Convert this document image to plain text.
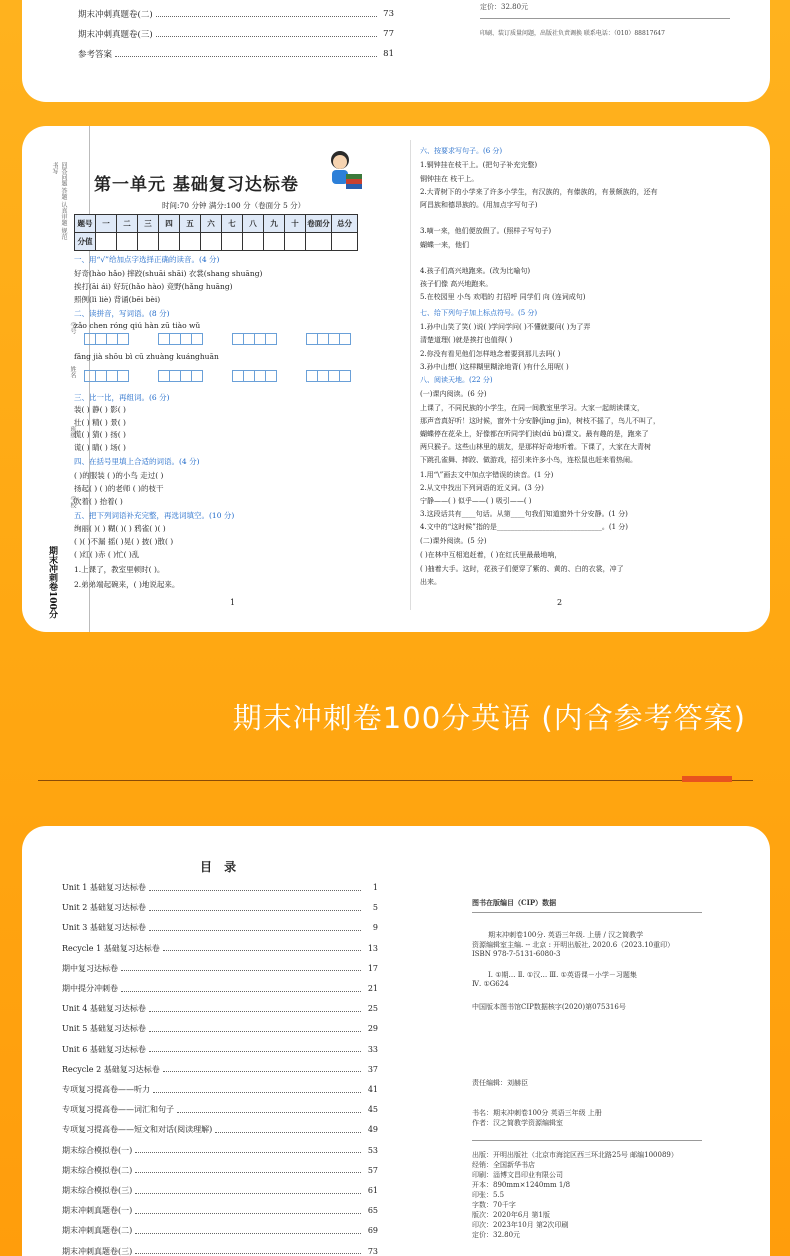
期末冲刺真题卷(二)	73
期末冲刺真题卷(三)	77
参考答案	81
定价：32.80元
印刷、装订质量问题，出版社负责调换 联系电话：（010）88817647
回答问题 答题 认真审题 规范书写
学号
姓名
班级
学校
期末冲刺卷100分
第一单元 基础复习达标卷
时间:70 分钟 满分:100 分（卷面分 5 分）
题号	一	二	三	四	五	六	七	八	九	十	卷面分	总分
分值												
一、用“√”给加点字选择正确的读音。(4 分)
好奇(hào hǎo) 摔跤(shuāi shāi) 衣裳(shang shuāng)
挨打(āi ái) 好玩(hǎo hào) 竞野(hǎng huāng)
照例(lì liè) 背诵(bēi bèi)
二、读拼音，写词语。(8 分)
zǎo chen róng qiú hàn zū tiào wǔ
fāng jià shōu bì cū zhuàng kuánghuān
三、比一比，再组词。(6 分)
装( ) 静( ) 影( )
壮( ) 精( ) 景( )
慌( ) 猜( ) 扬( )
谎( ) 睛( ) 场( )
四、在括号里填上合适的词语。(4 分)
( )的服装 ( )的小鸟 走过( )
扬起( ) ( )的老师 ( )的枝干
吹着( ) 抬着( )
五、把下列词语补充完整，再选词填空。(10 分)
绚丽( )( ) 糊( )( ) 鸦雀( )( )
( )( )不漏 摇( )晃( ) 披( )散( )
( )红( )赤 ( )忙( )乱
1.上课了，教室里顿时( )。
2.弟弟端起碗来，( )地说起来。
1
六、按要求写句子。(6 分)
1.铜钟挂在枝干上。(把句子补充完整)
铜钟挂在 枝干上。
2.大青树下的小学来了许多小学生，有汉族的，有傣族的，有景颇族的，还有
阿昌族和德昂族的。(用加点字写句子)
3.嘀一来，他们便放假了。(照样子写句子)
蝴蝶一来，他们
4.孩子们高兴地跑来。(改为比喻句)
孩子们像 高兴地跑来。
5.在校园里 小鸟 欢唱的 打招呼 同学们 向 (连词成句)
七、给下列句子加上标点符号。(5 分)
1.孙中山笑了笑( )说( )学问学问( )不懂就要问( )为了弄
清楚道理( )就是挨打也值得( )
2.你没有看见他们怎样地念着要到那儿去吗( )
3.孙中山想( )这样糊里糊涂地背( )有什么用呢( )
八、阅读天地。(22 分)
(一)课内阅读。(6 分)
上课了，不同民族的小学生，在同一间教室里学习。大家一起朗读课文，
那声音真好听！这时候，窗外十分安静(jìng jìn)，树枝不摇了，鸟儿不叫了，
蝴蝶停在花朵上，好像都在听同学们读(dú bú)课文。最有趣的是，跑来了
两只猴子。这些山林里的朋友，是那样好奇地听着。下课了，大家在大青树
下跳孔雀舞、摔跤、做游戏，招引来许多小鸟，连松鼠也赶来看热闹。
1.用“\”画去文中加点字错误的读音。(1 分)
2.从文中找出下列词语的近义词。(3 分)
宁静——( ) 似乎——( ) 吸引——( )
3.这段话共有____句话。从第____句我们知道窗外十分安静。(1 分)
4.文中的“这时候”指的是______________________________。(1 分)
(二)课外阅读。(5 分)
( )在林中互相追赶着，( )在红氏里最最地响，
( )抽着大手。这时，花孩子们便穿了紫的、黄的、白的衣裳，冲了
出来。
2
期末冲刺卷100分英语 (内含参考答案)
目 录
Unit 1 基础复习达标卷	1
Unit 2 基础复习达标卷	5
Unit 3 基础复习达标卷	9
Recycle 1 基础复习达标卷	13
期中复习达标卷	17
期中提分冲刺卷	21
Unit 4 基础复习达标卷	25
Unit 5 基础复习达标卷	29
Unit 6 基础复习达标卷	33
Recycle 2 基础复习达标卷	37
专项复习提高卷——听力	41
专项复习提高卷——词汇和句子	45
专项复习提高卷——短文和对话(阅读理解)	49
期末综合模拟卷(一)	53
期末综合模拟卷(二)	57
期末综合模拟卷(三)	61
期末冲刺真题卷(一)	65
期末冲刺真题卷(二)	69
期末冲刺真题卷(三)	73
图书在版编目（CIP）数据
期末冲刺卷100分. 英语三年级. 上册 / 汉之简教学
资源编辑室主编. -- 北京 : 开明出版社, 2020.6（2023.10重印）
ISBN 978-7-5131-6080-3
Ⅰ. ①期… Ⅱ. ①汉… Ⅲ. ①英语课－小学－习题集
Ⅳ. ①G624
中国版本图书馆CIP数据核字(2020)第075316号
责任编辑：刘赫臣
书名：期末冲刺卷100分 英语三年级 上册
作者：汉之简教学资源编辑室
出版：开明出版社（北京市海淀区西三环北路25号 邮编100089）
经销：全国新华书店
印刷：淄博文昌印业有限公司
开本：890mm×1240mm 1/8
印张：5.5
字数：70千字
版次：2020年6月 第1版
印次：2023年10月 第2次印刷
定价：32.80元
